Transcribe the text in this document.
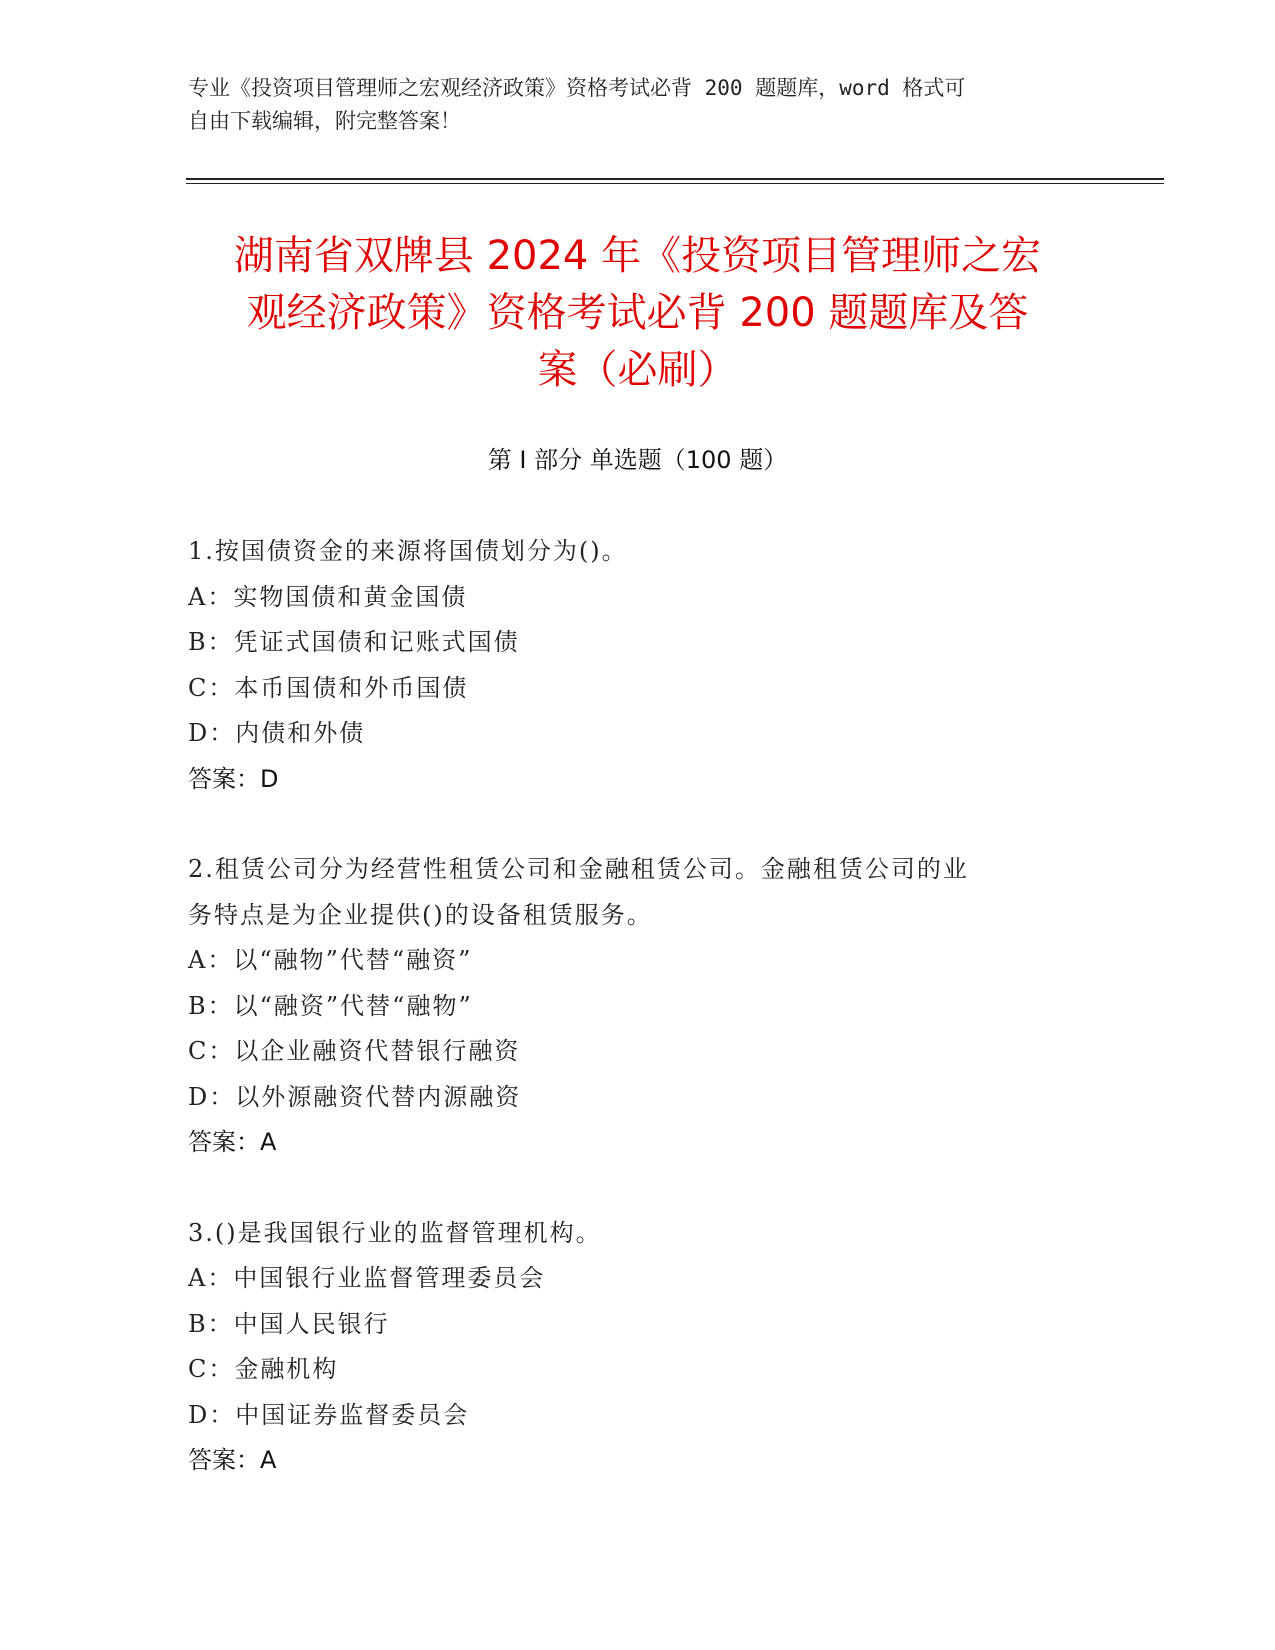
专业《投资项目管理师之宏观经济政策》资格考试必背 200 题题库，word 格式可
自由下载编辑，附完整答案！
湖南省双牌县 2024 年《投资项目管理师之宏
观经济政策》资格考试必背 200 题题库及答
案（必刷）
第 I 部分 单选题（100 题）
1.按国债资金的来源将国债划分为()。
A：实物国债和黄金国债
B：凭证式国债和记账式国债
C：本币国债和外币国债
D：内债和外债
答案：D
2.租赁公司分为经营性租赁公司和金融租赁公司。金融租赁公司的业
务特点是为企业提供()的设备租赁服务。
A：以“融物”代替“融资”
B：以“融资”代替“融物”
C：以企业融资代替银行融资
D：以外源融资代替内源融资
答案：A
3.()是我国银行业的监督管理机构。
A：中国银行业监督管理委员会
B：中国人民银行
C：金融机构
D：中国证券监督委员会
答案：A
